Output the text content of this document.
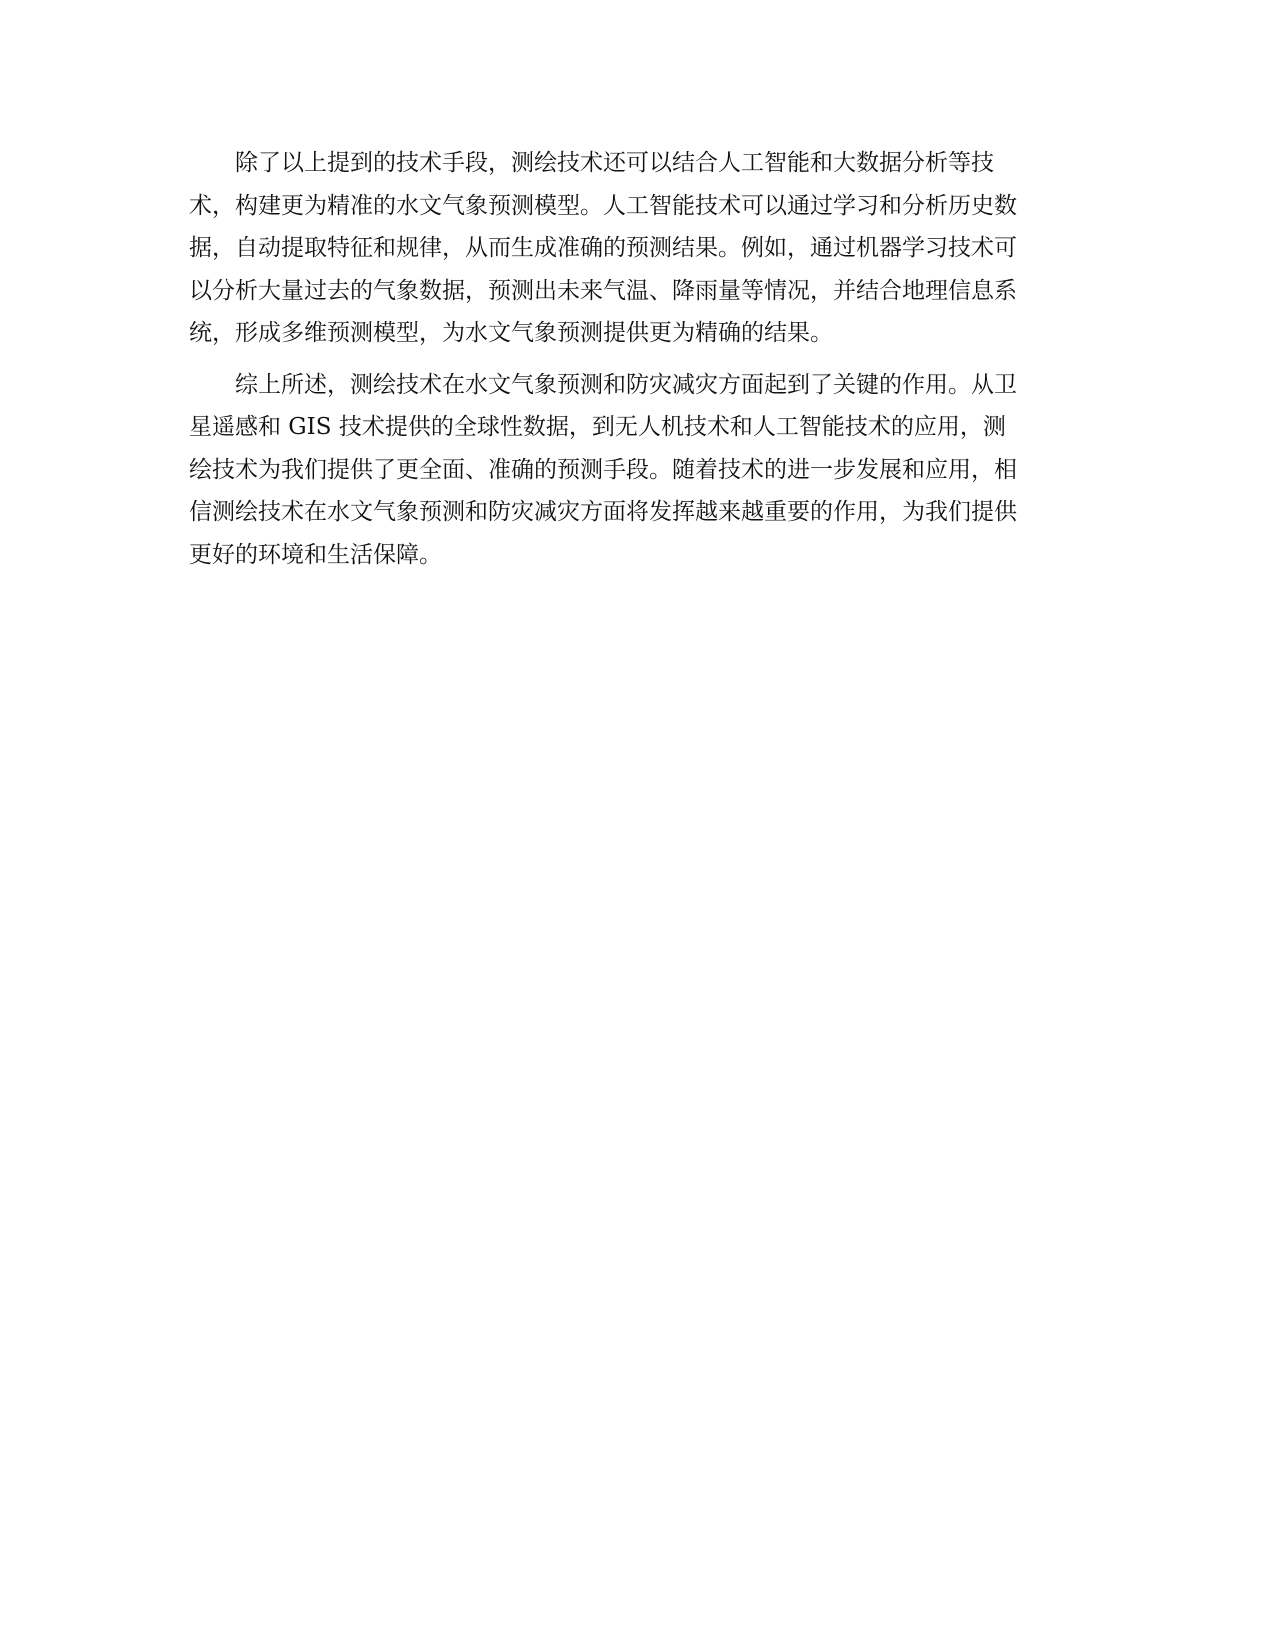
除了以上提到的技术手段，测绘技术还可以结合人工智能和大数据分析等技
术，构建更为精准的水文气象预测模型。人工智能技术可以通过学习和分析历史数
据，自动提取特征和规律，从而生成准确的预测结果。例如，通过机器学习技术可
以分析大量过去的气象数据，预测出未来气温、降雨量等情况，并结合地理信息系
统，形成多维预测模型，为水文气象预测提供更为精确的结果。

综上所述，测绘技术在水文气象预测和防灾减灾方面起到了关键的作用。从卫
星遥感和 GIS 技术提供的全球性数据，到无人机技术和人工智能技术的应用，测
绘技术为我们提供了更全面、准确的预测手段。随着技术的进一步发展和应用，相
信测绘技术在水文气象预测和防灾减灾方面将发挥越来越重要的作用，为我们提供
更好的环境和生活保障。
